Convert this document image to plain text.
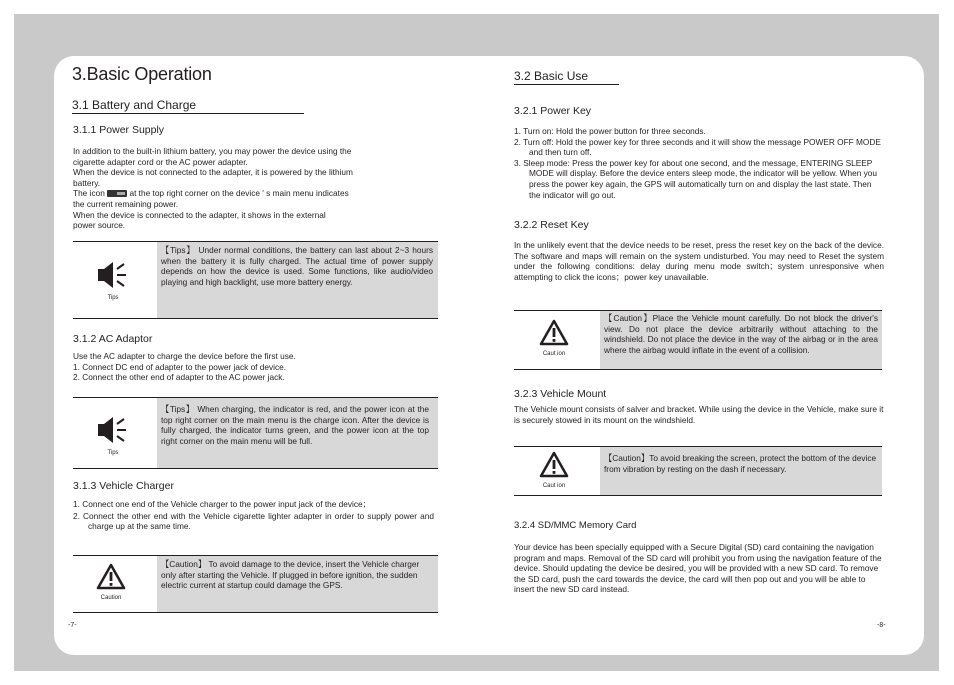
3.Basic Operation
3.1 Battery and Charge
3.1.1 Power Supply

In addition to the built-in lithium battery, you may power the device using the

cigarette adapter cord or the AC power adapter.

When the device is not connected to the adapter, it is powered by the lithium

battery.

The icon	at the top right corner on the device ' s main menu indicates

the current remaining power.

When the device is connected to the adapter, it shows in the external

power source.

Tips
【Tips】 Under normal conditions, the battery can last about 2~3 hours when the battery it is fully charged. The actual time of power supply depends on how the device is used. Some functions, like audio/video playing and high backlight, use more battery energy.
3.1.2 AC Adaptor

Use the AC adapter to charge the device before the first use.

1. Connect DC end of adapter to the power jack of device.

2. Connect the other end of adapter to the AC power jack.

Tips
【Tips】 When charging, the indicator is red, and the power icon at the top right corner on the main menu is the charge icon. After the device is fully charged, the indicator turns green, and the power icon at the top right corner on the main menu will be full.
3.1.3 Vehicle Charger

1. Connect one end of the Vehicle charger to the power input jack of the device；

2. Connect the other end with the Vehicle cigarette lighter adapter in order to supply power and charge up at the same time.

Caution
【Caution】 To avoid damage to the device, insert the Vehicle charger only after starting the Vehicle. If plugged in before ignition, the sudden electric current at startup could damage the GPS.
-7-
3.2 Basic Use
3.2.1 Power Key

1. Turn on: Hold the power button for three seconds.

2. Turn off: Hold the power key for three seconds and it will show the message POWER OFF MODE and then turn off.

3. Sleep mode: Press the power key for about one second, and the message, ENTERING SLEEP MODE will display. Before the device enters sleep mode, the indicator will be yellow. When you press the power key again, the GPS will automatically turn on and display the last state. Then the indicator will go out.

3.2.2 Reset Key

In the unlikely event that the device needs to be reset, press the reset key on the back of the device. The software and maps will remain on the system undisturbed. You may need to Reset the system under the following conditions: delay during menu mode switch；system unresponsive when attempting to click the icons；power key unavailable.

Caut ion
【Caution】Place the Vehicle mount carefully. Do not block the driver's view. Do not place the device arbitrarily without attaching to the windshield. Do not place the device in the way of the airbag or in the area where the airbag would inflate in the event of a collision.
3.2.3 Vehicle Mount

The Vehicle mount consists of salver and bracket. While using the device in the Vehicle, make sure it is securely stowed in its mount on the windshield.

Caut ion
【Caution】To avoid breaking the screen, protect the bottom of the device from vibration by resting on the dash if necessary.
3.2.4 SD/MMC Memory Card

Your device has been specially equipped with a Secure Digital (SD) card containing the navigation program and maps. Removal of the SD card will prohibit you from using the navigation feature of the device. Should updating the device be desired, you will be provided with a new SD card. To remove the SD card, push the card towards the device, the card will then pop out and you will be able to insert the new SD card instead.

-8-
